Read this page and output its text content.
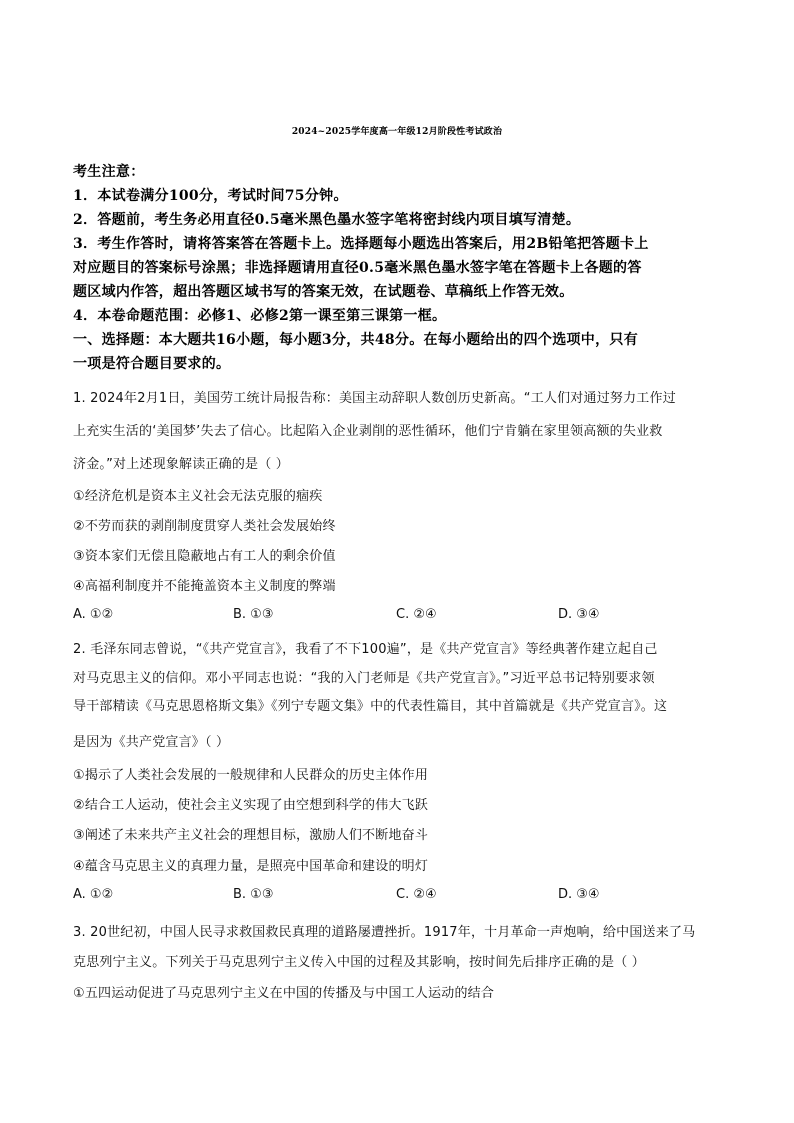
2024~2025学年度高一年级12月阶段性考试政治
考生注意：
1．本试卷满分100分，考试时间75分钟。
2．答题前，考生务必用直径0.5毫米黑色墨水签字笔将密封线内项目填写清楚。
3．考生作答时，请将答案答在答题卡上。选择题每小题选出答案后，用2B铅笔把答题卡上
对应题目的答案标号涂黑；非选择题请用直径0.5毫米黑色墨水签字笔在答题卡上各题的答
题区域内作答，超出答题区域书写的答案无效，在试题卷、草稿纸上作答无效。
4．本卷命题范围：必修1、必修2第一课至第三课第一框。
一、选择题：本大题共16小题，每小题3分，共48分。在每小题给出的四个选项中，只有
一项是符合题目要求的。
1. 2024年2月1日，美国劳工统计局报告称：美国主动辞职人数创历史新高。“工人们对通过努力工作过
上充实生活的‘美国梦’失去了信心。比起陷入企业剥削的恶性循环，他们宁肯躺在家里领高额的失业救
济金。”对上述现象解读正确的是（ ）
①经济危机是资本主义社会无法克服的痼疾
②不劳而获的剥削制度贯穿人类社会发展始终
③资本家们无偿且隐蔽地占有工人的剩余价值
④高福利制度并不能掩盖资本主义制度的弊端
A. ①②	B. ①③	C. ②④	D. ③④
2. 毛泽东同志曾说，“《共产党宣言》，我看了不下100遍”，是《共产党宣言》等经典著作建立起自己
对马克思主义的信仰。邓小平同志也说：“我的入门老师是《共产党宣言》。”习近平总书记特别要求领
导干部精读《马克思恩格斯文集》《列宁专题文集》中的代表性篇目，其中首篇就是《共产党宣言》。这
是因为《共产党宣言》（ ）
①揭示了人类社会发展的一般规律和人民群众的历史主体作用
②结合工人运动，使社会主义实现了由空想到科学的伟大飞跃
③阐述了未来共产主义社会的理想目标，激励人们不断地奋斗
④蕴含马克思主义的真理力量，是照亮中国革命和建设的明灯
A. ①②	B. ①③	C. ②④	D. ③④
3. 20世纪初，中国人民寻求救国救民真理的道路屡遭挫折。1917年，十月革命一声炮响，给中国送来了马
克思列宁主义。下列关于马克思列宁主义传入中国的过程及其影响，按时间先后排序正确的是（ ）
①五四运动促进了马克思列宁主义在中国的传播及与中国工人运动的结合
